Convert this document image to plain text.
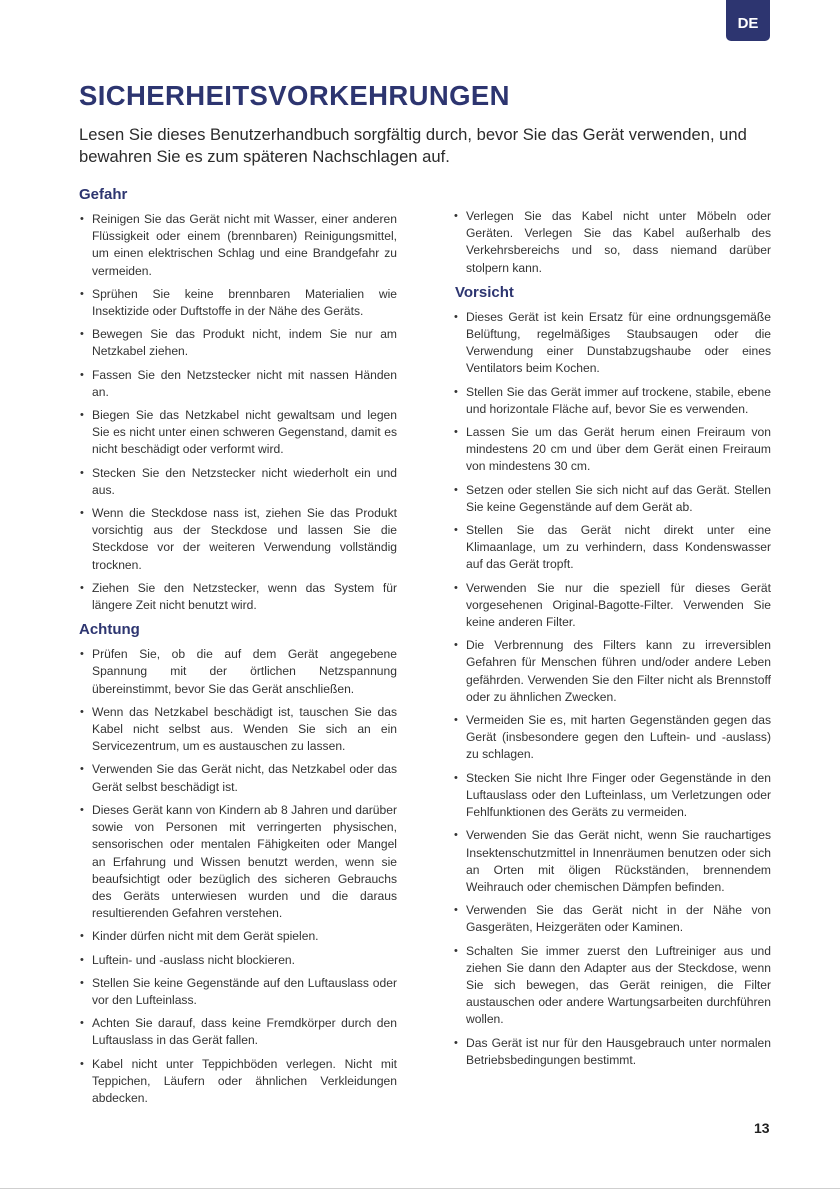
DE
SICHERHEITSVORKEHRUNGEN

Lesen Sie dieses Benutzerhandbuch sorgfältig durch, bevor Sie das Gerät verwenden, und bewahren Sie es zum späteren Nachschlagen auf.

Gefahr
• Reinigen Sie das Gerät nicht mit Wasser, einer anderen Flüssigkeit oder einem (brennbaren) Reinigungsmittel, um einen elektrischen Schlag und eine Brandgefahr zu vermeiden.
• Sprühen Sie keine brennbaren Materialien wie Insektizide oder Duftstoffe in der Nähe des Geräts.
• Bewegen Sie das Produkt nicht, indem Sie nur am Netzkabel ziehen.
• Fassen Sie den Netzstecker nicht mit nassen Händen an.
• Biegen Sie das Netzkabel nicht gewaltsam und legen Sie es nicht unter einen schweren Gegenstand, damit es nicht beschädigt oder verformt wird.
• Stecken Sie den Netzstecker nicht wiederholt ein und aus.
• Wenn die Steckdose nass ist, ziehen Sie das Produkt vorsichtig aus der Steckdose und lassen Sie die Steckdose vor der weiteren Verwendung vollständig trocknen.
• Ziehen Sie den Netzstecker, wenn das System für längere Zeit nicht benutzt wird.
Achtung
• Prüfen Sie, ob die auf dem Gerät angegebene Spannung mit der örtlichen Netzspannung übereinstimmt, bevor Sie das Gerät anschließen.
• Wenn das Netzkabel beschädigt ist, tauschen Sie das Kabel nicht selbst aus. Wenden Sie sich an ein Servicezentrum, um es austauschen zu lassen.
• Verwenden Sie das Gerät nicht, das Netzkabel oder das Gerät selbst beschädigt ist.
• Dieses Gerät kann von Kindern ab 8 Jahren und darüber sowie von Personen mit verringerten physischen, sensorischen oder mentalen Fähigkeiten oder Mangel an Erfahrung und Wissen benutzt werden, wenn sie beaufsichtigt oder bezüglich des sicheren Gebrauchs des Geräts unterwiesen wurden und die daraus resultierenden Gefahren verstehen.
• Kinder dürfen nicht mit dem Gerät spielen.
• Luftein- und -auslass nicht blockieren.
• Stellen Sie keine Gegenstände auf den Luftauslass oder vor den Lufteinlass.
• Achten Sie darauf, dass keine Fremdkörper durch den Luftauslass in das Gerät fallen.
• Kabel nicht unter Teppichböden verlegen. Nicht mit Teppichen, Läufern oder ähnlichen Verkleidungen abdecken.
• Verlegen Sie das Kabel nicht unter Möbeln oder Geräten. Verlegen Sie das Kabel außerhalb des Verkehrsbereichs und so, dass niemand darüber stolpern kann.
Vorsicht
• Dieses Gerät ist kein Ersatz für eine ordnungsgemäße Belüftung, regelmäßiges Staubsaugen oder die Verwendung einer Dunstabzugshaube oder eines Ventilators beim Kochen.
• Stellen Sie das Gerät immer auf trockene, stabile, ebene und horizontale Fläche auf, bevor Sie es verwenden.
• Lassen Sie um das Gerät herum einen Freiraum von mindestens 20 cm und über dem Gerät einen Freiraum von mindestens 30 cm.
• Setzen oder stellen Sie sich nicht auf das Gerät. Stellen Sie keine Gegenstände auf dem Gerät ab.
• Stellen Sie das Gerät nicht direkt unter eine Klimaanlage, um zu verhindern, dass Kondenswasser auf das Gerät tropft.
• Verwenden Sie nur die speziell für dieses Gerät vorgesehenen Original-Bagotte-Filter. Verwenden Sie keine anderen Filter.
• Die Verbrennung des Filters kann zu irreversiblen Gefahren für Menschen führen und/oder andere Leben gefährden. Verwenden Sie den Filter nicht als Brennstoff oder zu ähnlichen Zwecken.
• Vermeiden Sie es, mit harten Gegenständen gegen das Gerät (insbesondere gegen den Luftein- und -auslass) zu schlagen.
• Stecken Sie nicht Ihre Finger oder Gegenstände in den Luftauslass oder den Lufteinlass, um Verletzungen oder Fehlfunktionen des Geräts zu vermeiden.
• Verwenden Sie das Gerät nicht, wenn Sie rauchartiges Insektenschutzmittel in Innenräumen benutzen oder sich an Orten mit öligen Rückständen, brennendem Weihrauch oder chemischen Dämpfen befinden.
• Verwenden Sie das Gerät nicht in der Nähe von Gasgeräten, Heizgeräten oder Kaminen.
• Schalten Sie immer zuerst den Luftreiniger aus und ziehen Sie dann den Adapter aus der Steckdose, wenn Sie sich bewegen, das Gerät reinigen, die Filter austauschen oder andere Wartungsarbeiten durchführen wollen.
• Das Gerät ist nur für den Hausgebrauch unter normalen Betriebsbedingungen bestimmt.
13
